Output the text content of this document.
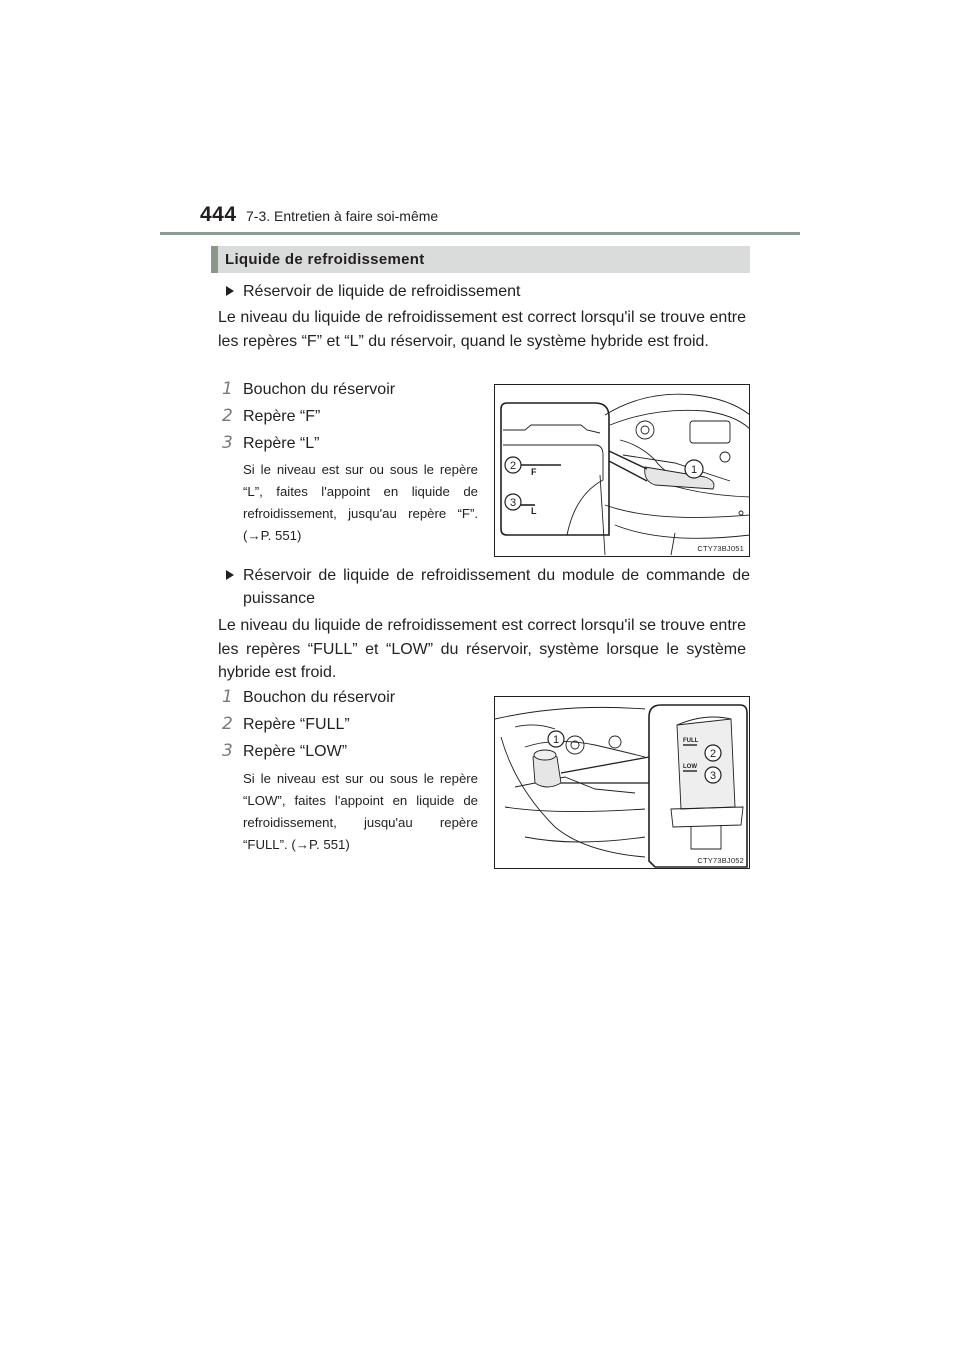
444 7-3. Entretien à faire soi-même
Liquide de refroidissement
Réservoir de liquide de refroidissement
Le niveau du liquide de refroidissement est correct lorsqu'il se trouve entre les repères “F” et “L” du réservoir, quand le système hybride est froid.
1 Bouchon du réservoir
2 Repère “F”
3 Repère “L”
Si le niveau est sur ou sous le repère “L”, faites l'appoint en liquide de refroidissement, jusqu'au repère “F”. (→P. 551)
2
3
1
F
L
CTY73BJ051
Réservoir de liquide de refroidissement du module de commande de puissance
Le niveau du liquide de refroidissement est correct lorsqu'il se trouve entre les repères “FULL” et “LOW” du réservoir, système lorsque le système hybride est froid.
1 Bouchon du réservoir
2 Repère “FULL”
3 Repère “LOW”
Si le niveau est sur ou sous le repère “LOW”, faites l'appoint en liquide de refroidissement, jusqu'au repère “FULL”. (→P. 551)
1
2
3
FULL
LOW
CTY73BJ052
